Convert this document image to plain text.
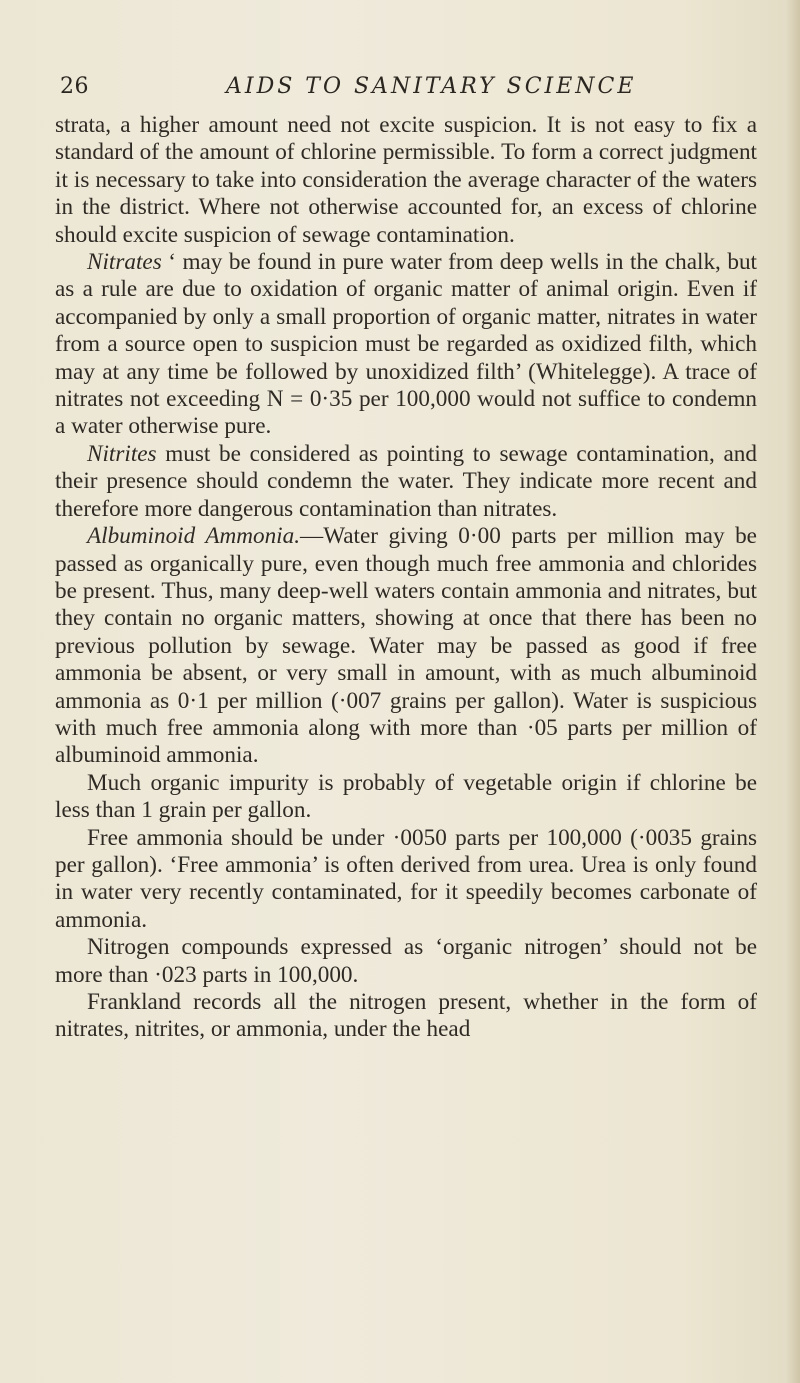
26	AIDS TO SANITARY SCIENCE

strata, a higher amount need not excite suspicion. It is not easy to fix a standard of the amount of chlorine permissible. To form a correct judgment it is necessary to take into consideration the average character of the waters in the district. Where not otherwise accounted for, an excess of chlorine should excite suspicion of sewage contamination.

Nitrates ‘ may be found in pure water from deep wells in the chalk, but as a rule are due to oxidation of organic matter of animal origin. Even if accompanied by only a small proportion of organic matter, nitrates in water from a source open to suspicion must be regarded as oxidized filth, which may at any time be followed by unoxidized filth’ (Whitelegge). A trace of nitrates not exceeding N = 0·35 per 100,000 would not suffice to condemn a water otherwise pure.

Nitrites must be considered as pointing to sewage contamination, and their presence should condemn the water. They indicate more recent and therefore more dangerous contamination than nitrates.

Albuminoid Ammonia.—Water giving 0·00 parts per million may be passed as organically pure, even though much free ammonia and chlorides be present. Thus, many deep-well waters contain ammonia and nitrates, but they contain no organic matters, showing at once that there has been no previous pollution by sewage. Water may be passed as good if free ammonia be absent, or very small in amount, with as much albuminoid ammonia as 0·1 per million (·007 grains per gallon). Water is suspicious with much free ammonia along with more than ·05 parts per million of albuminoid ammonia.

Much organic impurity is probably of vegetable origin if chlorine be less than 1 grain per gallon.

Free ammonia should be under ·0050 parts per 100,000 (·0035 grains per gallon). ‘Free ammonia’ is often derived from urea. Urea is only found in water very recently contaminated, for it speedily becomes carbonate of ammonia.

Nitrogen compounds expressed as ‘organic nitrogen’ should not be more than ·023 parts in 100,000.

Frankland records all the nitrogen present, whether in the form of nitrates, nitrites, or ammonia, under the head
